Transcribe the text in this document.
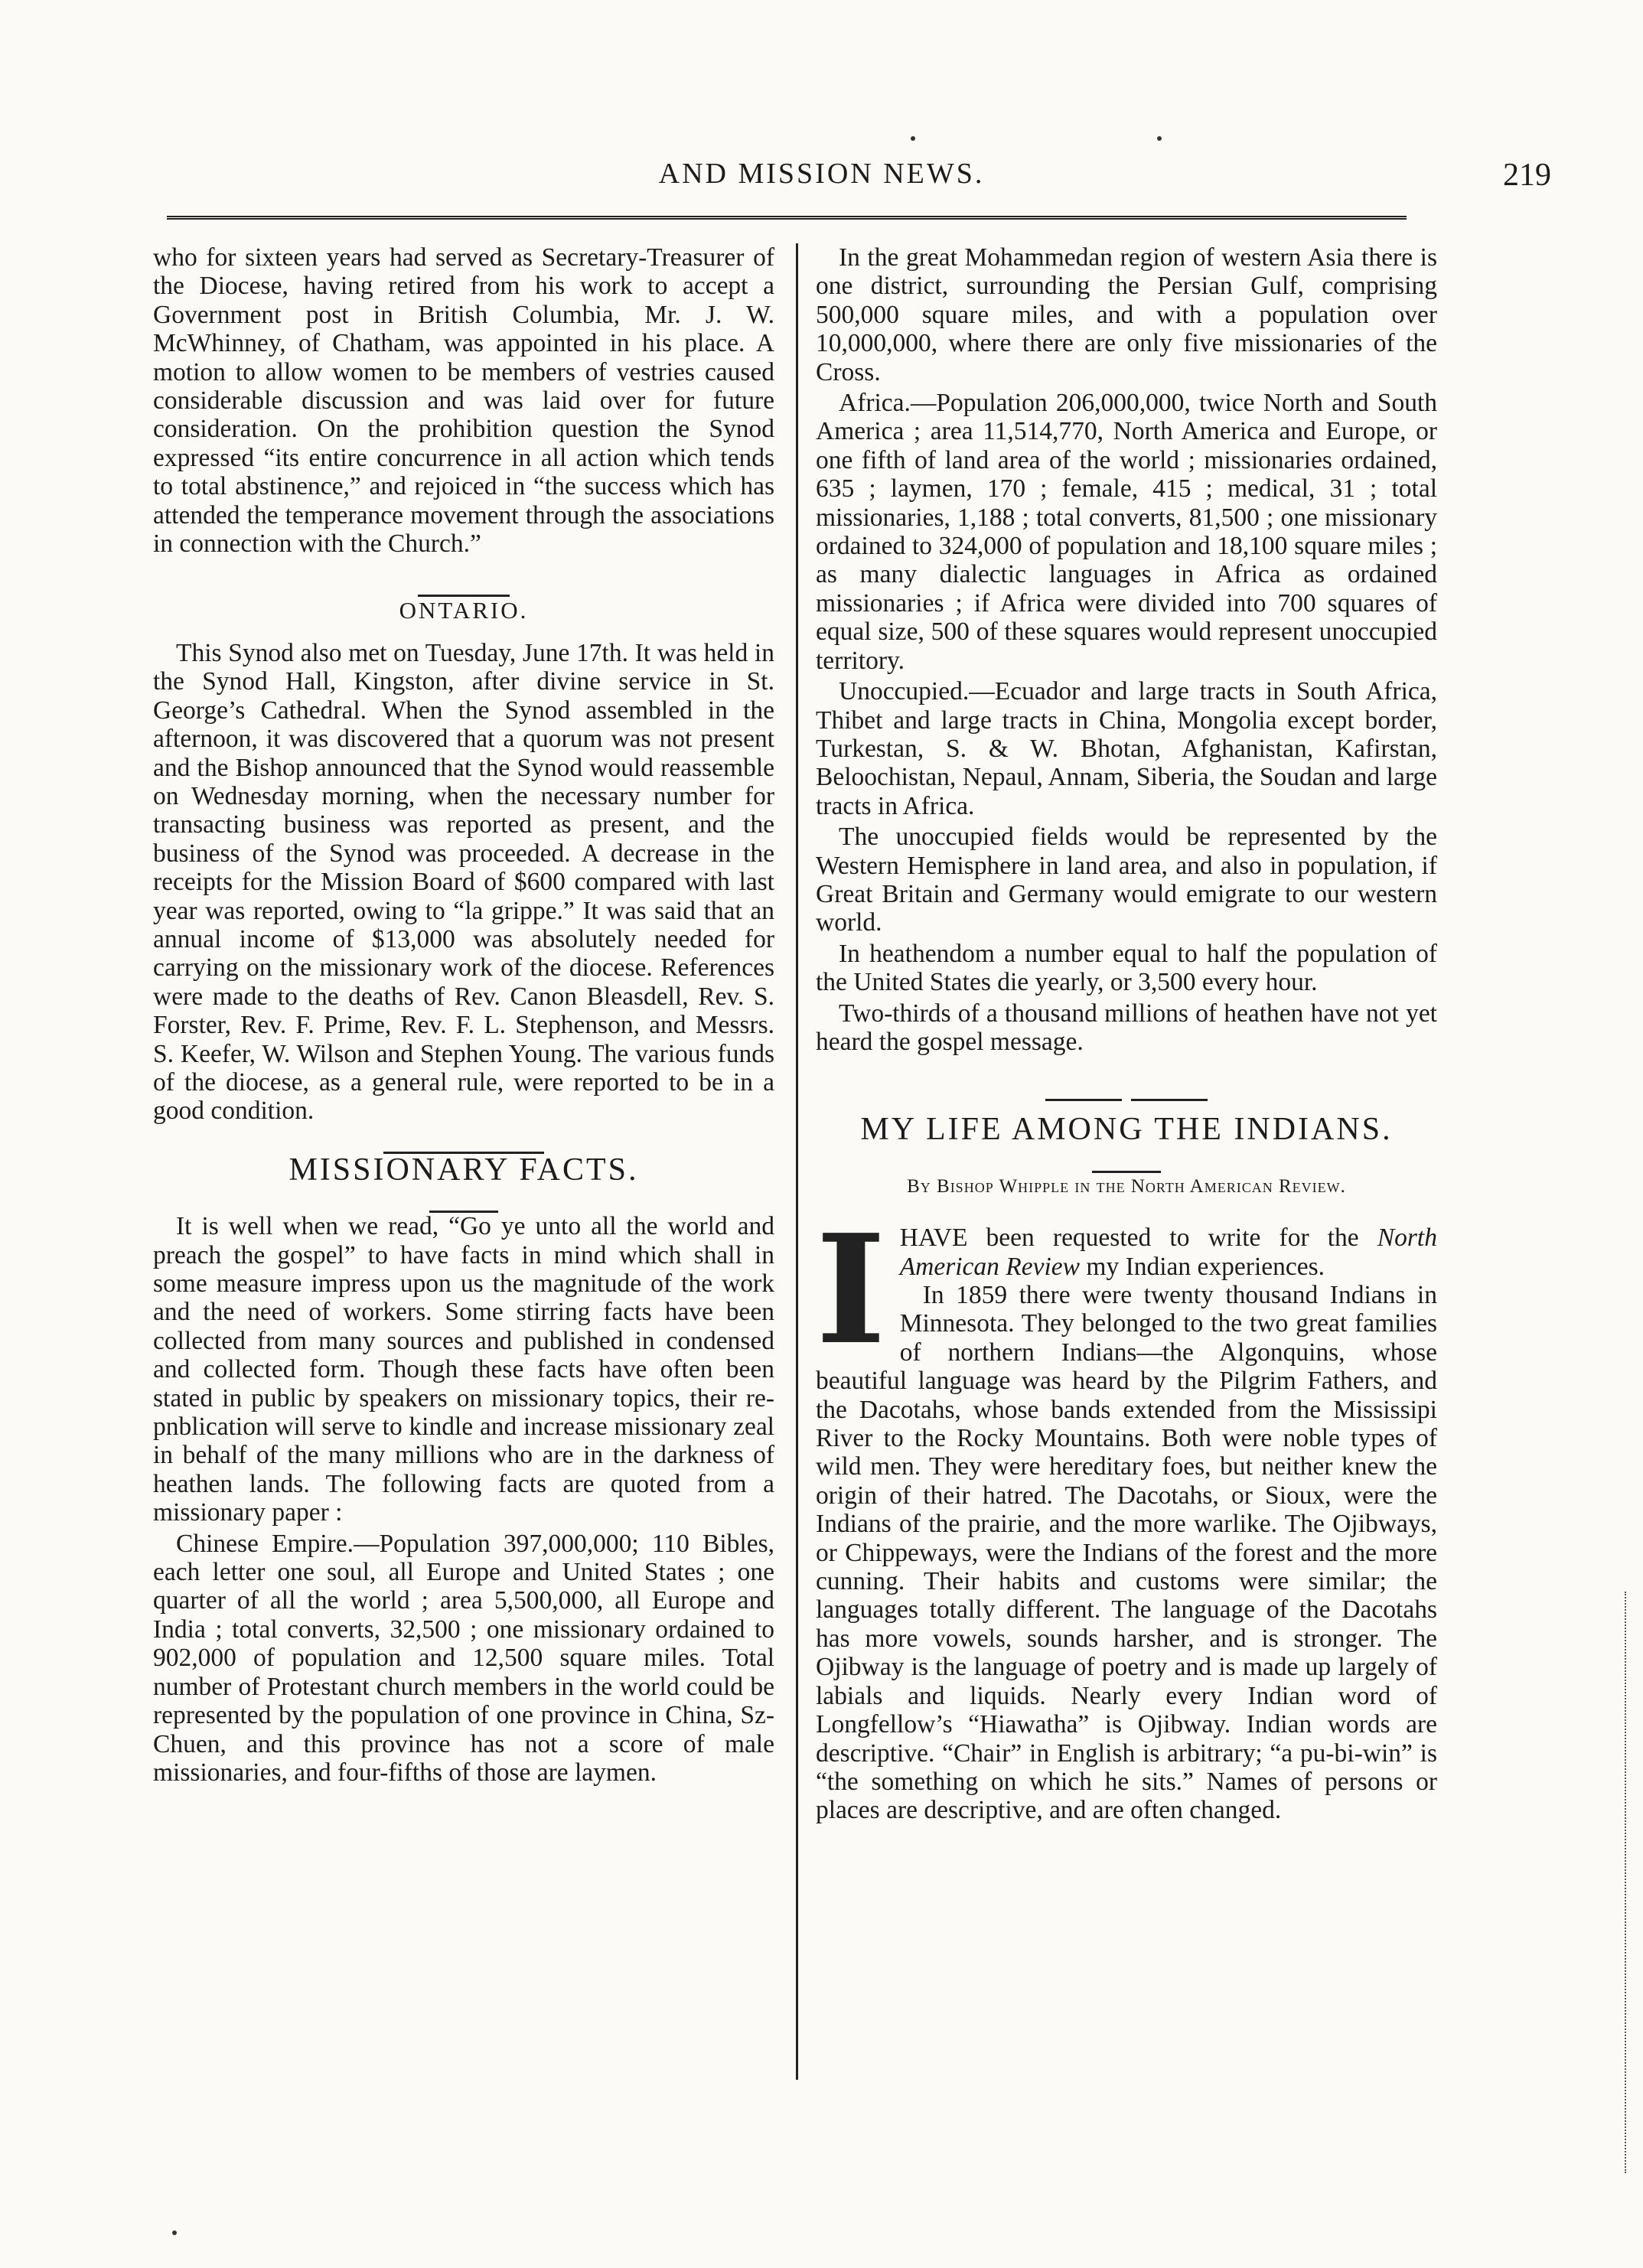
AND MISSION NEWS.	219

who for sixteen years had served as Secretary-Treasurer of the Diocese, having retired from his work to accept a Government post in British Columbia, Mr. J. W. McWhinney, of Chatham, was appointed in his place. A motion to allow women to be members of vestries caused considerable discussion and was laid over for future consideration. On the prohibition question the Synod expressed “its entire concurrence in all action which tends to total abstinence,” and rejoiced in “the success which has attended the temperance movement through the associations in connection with the Church.”

ONTARIO.

This Synod also met on Tuesday, June 17th. It was held in the Synod Hall, Kingston, after divine service in St. George’s Cathedral. When the Synod assembled in the afternoon, it was discovered that a quorum was not present and the Bishop announced that the Synod would reassemble on Wednesday morning, when the necessary number for transacting business was reported as present, and the business of the Synod was proceeded. A decrease in the receipts for the Mission Board of $600 compared with last year was reported, owing to “la grippe.” It was said that an annual income of $13,000 was absolutely needed for carrying on the missionary work of the diocese. References were made to the deaths of Rev. Canon Bleasdell, Rev. S. Forster, Rev. F. Prime, Rev. F. L. Stephenson, and Messrs. S. Keefer, W. Wilson and Stephen Young. The various funds of the diocese, as a general rule, were reported to be in a good condition.

MISSIONARY FACTS.

It is well when we read, “Go ye unto all the world and preach the gospel” to have facts in mind which shall in some measure impress upon us the magnitude of the work and the need of workers. Some stirring facts have been collected from many sources and published in condensed and collected form. Though these facts have often been stated in public by speakers on missionary topics, their re-pnblication will serve to kindle and increase missionary zeal in behalf of the many millions who are in the darkness of heathen lands. The following facts are quoted from a missionary paper :

Chinese Empire.—Population 397,000,000; 110 Bibles, each letter one soul, all Europe and United States ; one quarter of all the world ; area 5,500,000, all Europe and India ; total converts, 32,500 ; one missionary ordained to 902,000 of population and 12,500 square miles. Total number of Protestant church members in the world could be represented by the population of one province in China, Sz-Chuen, and this province has not a score of male missionaries, and four-fifths of those are laymen.

In the great Mohammedan region of western Asia there is one district, surrounding the Persian Gulf, comprising 500,000 square miles, and with a population over 10,000,000, where there are only five missionaries of the Cross.

Africa.—Population 206,000,000, twice North and South America ; area 11,514,770, North America and Europe, or one fifth of land area of the world ; missionaries ordained, 635 ; laymen, 170 ; female, 415 ; medical, 31 ; total missionaries, 1,188 ; total converts, 81,500 ; one missionary ordained to 324,000 of population and 18,100 square miles ; as many dialectic languages in Africa as ordained missionaries ; if Africa were divided into 700 squares of equal size, 500 of these squares would represent unoccupied territory.

Unoccupied.—Ecuador and large tracts in South Africa, Thibet and large tracts in China, Mongolia except border, Turkestan, S. & W. Bhotan, Afghanistan, Kafirstan, Beloochistan, Nepaul, Annam, Siberia, the Soudan and large tracts in Africa.

The unoccupied fields would be represented by the Western Hemisphere in land area, and also in population, if Great Britain and Germany would emigrate to our western world.

In heathendom a number equal to half the population of the United States die yearly, or 3,500 every hour.

Two-thirds of a thousand millions of heathen have not yet heard the gospel message.

MY LIFE AMONG THE INDIANS.
By Bishop Whipple in the North American Review.
I HAVE been requested to write for the North American Review my Indian experiences.

In 1859 there were twenty thousand Indians in Minnesota. They belonged to the two great families of northern Indians—the Algonquins, whose beautiful language was heard by the Pilgrim Fathers, and the Dacotahs, whose bands extended from the Mississipi River to the Rocky Mountains. Both were noble types of wild men. They were hereditary foes, but neither knew the origin of their hatred. The Dacotahs, or Sioux, were the Indians of the prairie, and the more warlike. The Ojibways, or Chippeways, were the Indians of the forest and the more cunning. Their habits and customs were similar; the languages totally different. The language of the Dacotahs has more vowels, sounds harsher, and is stronger. The Ojibway is the language of poetry and is made up largely of labials and liquids. Nearly every Indian word of Longfellow’s “Hiawatha” is Ojibway. Indian words are descriptive. “Chair” in English is arbitrary; “a pu-bi-win” is “the something on which he sits.” Names of persons or places are descriptive, and are often changed.
